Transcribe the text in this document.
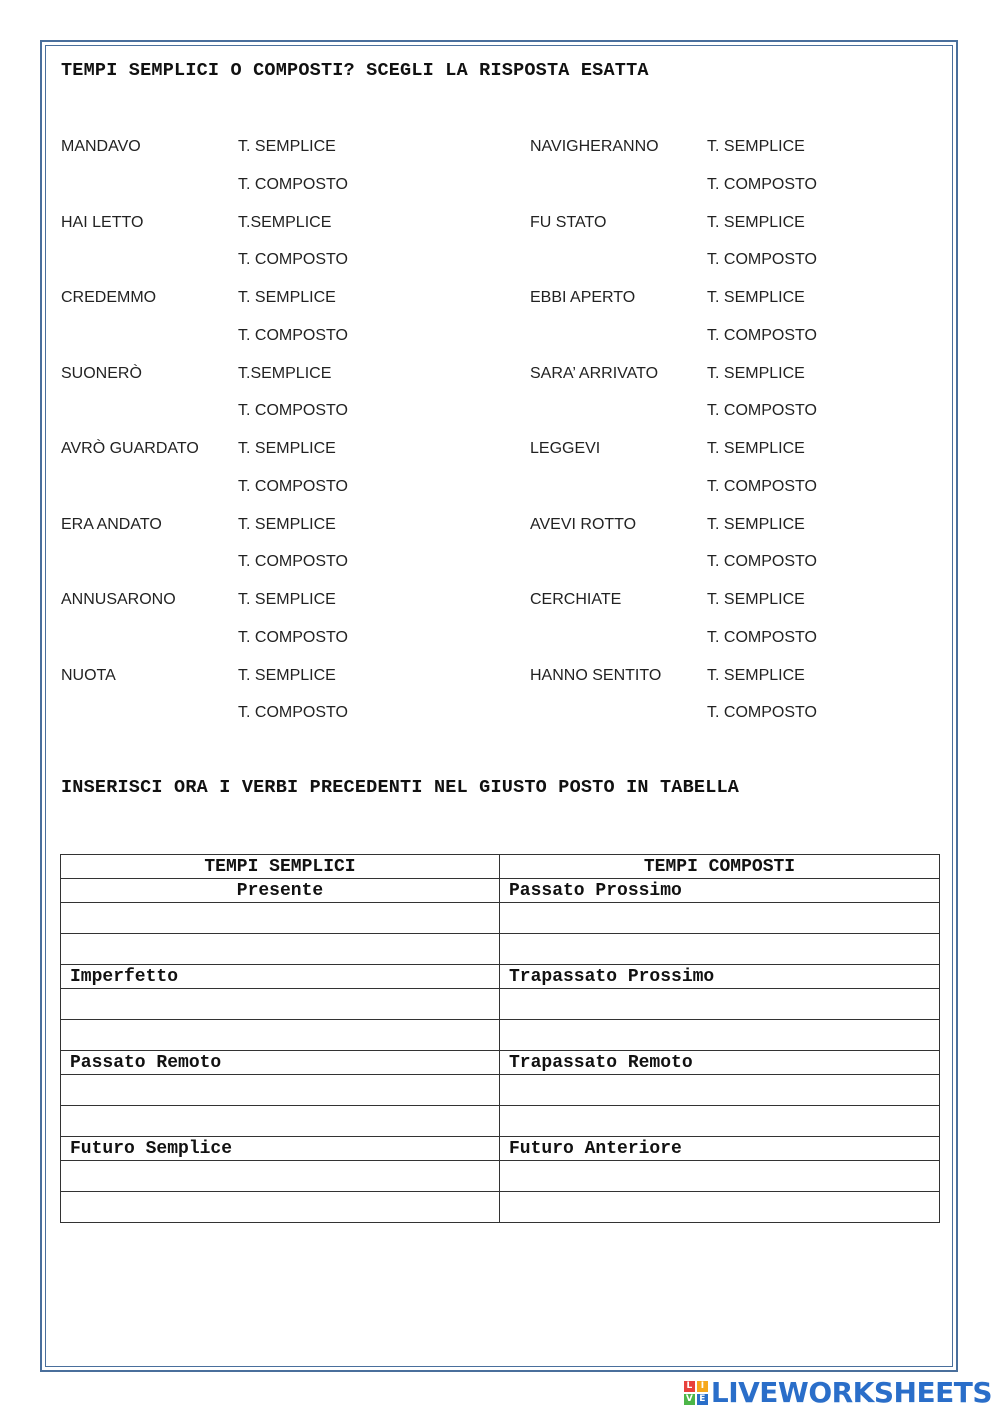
TEMPI SEMPLICI O COMPOSTI? SCEGLI LA RISPOSTA ESATTA
MANDAVO	T. SEMPLICE
T. COMPOSTO
HAI LETTO	T.SEMPLICE
T. COMPOSTO
CREDEMMO	T. SEMPLICE
T. COMPOSTO
SUONERÒ	T.SEMPLICE
T. COMPOSTO
AVRÒ GUARDATO T. SEMPLICE
T. COMPOSTO
ERA ANDATO	T. SEMPLICE
T. COMPOSTO
ANNUSARONO	T. SEMPLICE
T. COMPOSTO
NUOTA	T. SEMPLICE
T. COMPOSTO
NAVIGHERANNO	T. SEMPLICE
T. COMPOSTO
FU STATO	T. SEMPLICE
T. COMPOSTO
EBBI APERTO	T. SEMPLICE
T. COMPOSTO
SARA’ ARRIVATO	T. SEMPLICE
T. COMPOSTO
LEGGEVI	T. SEMPLICE
T. COMPOSTO
AVEVI ROTTO	T. SEMPLICE
T. COMPOSTO
CERCHIATE	T. SEMPLICE
T. COMPOSTO
HANNO SENTITO	T. SEMPLICE
T. COMPOSTO
INSERISCI ORA I VERBI PRECEDENTI NEL GIUSTO POSTO IN TABELLA
TEMPI SEMPLICI	TEMPI COMPOSTI
Presente	Passato Prossimo

Imperfetto	Trapassato Prossimo

Passato Remoto	Trapassato Remoto

Futuro Semplice	Futuro Anteriore

L I
V E LIVEWORKSHEETS
